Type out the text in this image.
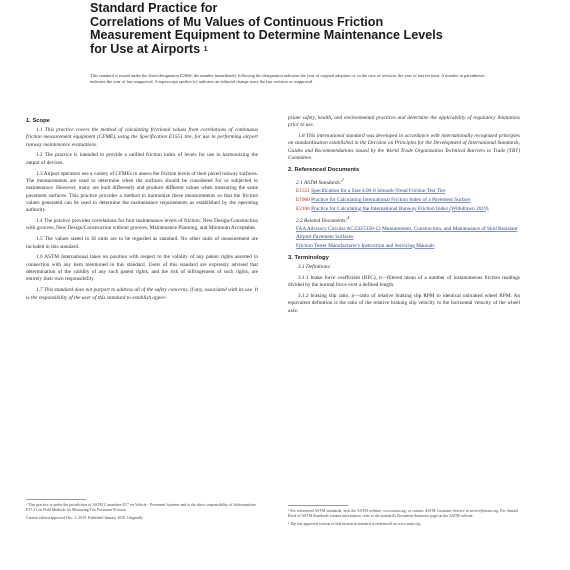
Standard Practice for
Correlations of Mu Values of Continuous Friction
Measurement Equipment to Determine Maintenance Levels
for Use at Airports $^1$
This standard is issued under the fixed designation E2666; the number immediately following the designation indicates the year of original adoption or, in the case of revision, the year of last revision. A number in parentheses indicates the year of last reapproval. A superscript epsilon (ε) indicates an editorial change since the last revision or reapproval.
1. Scope

1.1 This practice covers the method of calculating frictional values from correlations of continuous friction measurement equipment (CFME), using the Specification E1551 tire, for use in performing airport runway maintenance evaluations.

1.2 The practice is intended to provide a unified friction index of levels for use in harmonizing the output of devices.

1.3 Airport operators use a variety of CFMEs to assess the friction levels of their paved runway surfaces. The measurements are used to determine when the surfaces should be considered for or subjected to maintenance. However, many are built differently and produce different values when measuring the same pavement surfaces. This practice provides a method to harmonize these measurements so that the friction values generated can be used to determine the maintenance requirements as established by the operating authority.

1.4 The practice provides correlations for four maintenance levels of friction: New Design/Construction with grooves, New Design/Construction without grooves, Maintenance Planning, and Minimum Acceptable.

1.5 The values stated in SI units are to be regarded as standard. No other units of measurement are included in this standard.

1.6 ASTM International takes no position with respect to the validity of any patent rights asserted in connection with any item mentioned in this standard. Users of this standard are expressly advised that determination of the validity of any such patent rights, and the risk of infringement of such rights, are entirely their own responsibility.

1.7 This standard does not purport to address all of the safety concerns, if any, associated with its use. It is the responsibility of the user of this standard to establish appro-

priate safety, health, and environmental practices and determine the applicability of regulatory limitations prior to use.

1.8 This international standard was developed in accordance with internationally recognized principles on standardization established in the Decision on Principles for the Development of International Standards, Guides and Recommendations issued by the World Trade Organization Technical Barriers to Trade (TBT) Committee.

2. Referenced Documents
2.1 ASTM Standards:$^2$
E1551 Specification for a Size 4.00-8 Smooth-Tread Friction Test Tire
E1960 Practice for Calculating International Friction Index of a Pavement Surface
E2100 Practice for Calculating the International Runway Friction Index (Withdrawn 2019)
2.2 Related Documents:$^4$
FAA Advisory Circular AC150/5320-12 Measurement, Construction, and Maintenance of Skid Resistant Airport Pavement Surfaces
Friction Tester Manufacturer's Instruction and Servicing Manuals
3. Terminology

3.1 Definitions:

3.1.1 brake force coefficient (BFC), n—filtered mean of a number of instantaneous friction readings divided by the normal force over a defined length.

3.1.2 braking slip ratio, n—ratio of relative braking slip RPM to identical unbraked wheel RPM. An equivalent definition is the ratio of the relative braking slip velocity to the horizontal velocity of the wheel axle.

¹ This practice is under the jurisdiction of ASTM Committee E17 on Vehicle - Pavement Systems and is the direct responsibility of Subcommittee E17.21 on Field Methods for Measuring Tire Pavement Friction.

Current edition approved Dec. 1, 2019. Published January 2020. Originally

² For referenced ASTM standards, visit the ASTM website, www.astm.org, or contact ASTM Customer Service at service@astm.org. For Annual Book of ASTM Standards volume information, refer to the standard's Document Summary page on the ASTM website.

³ The last approved version of this historical standard is referenced on www.astm.org.
